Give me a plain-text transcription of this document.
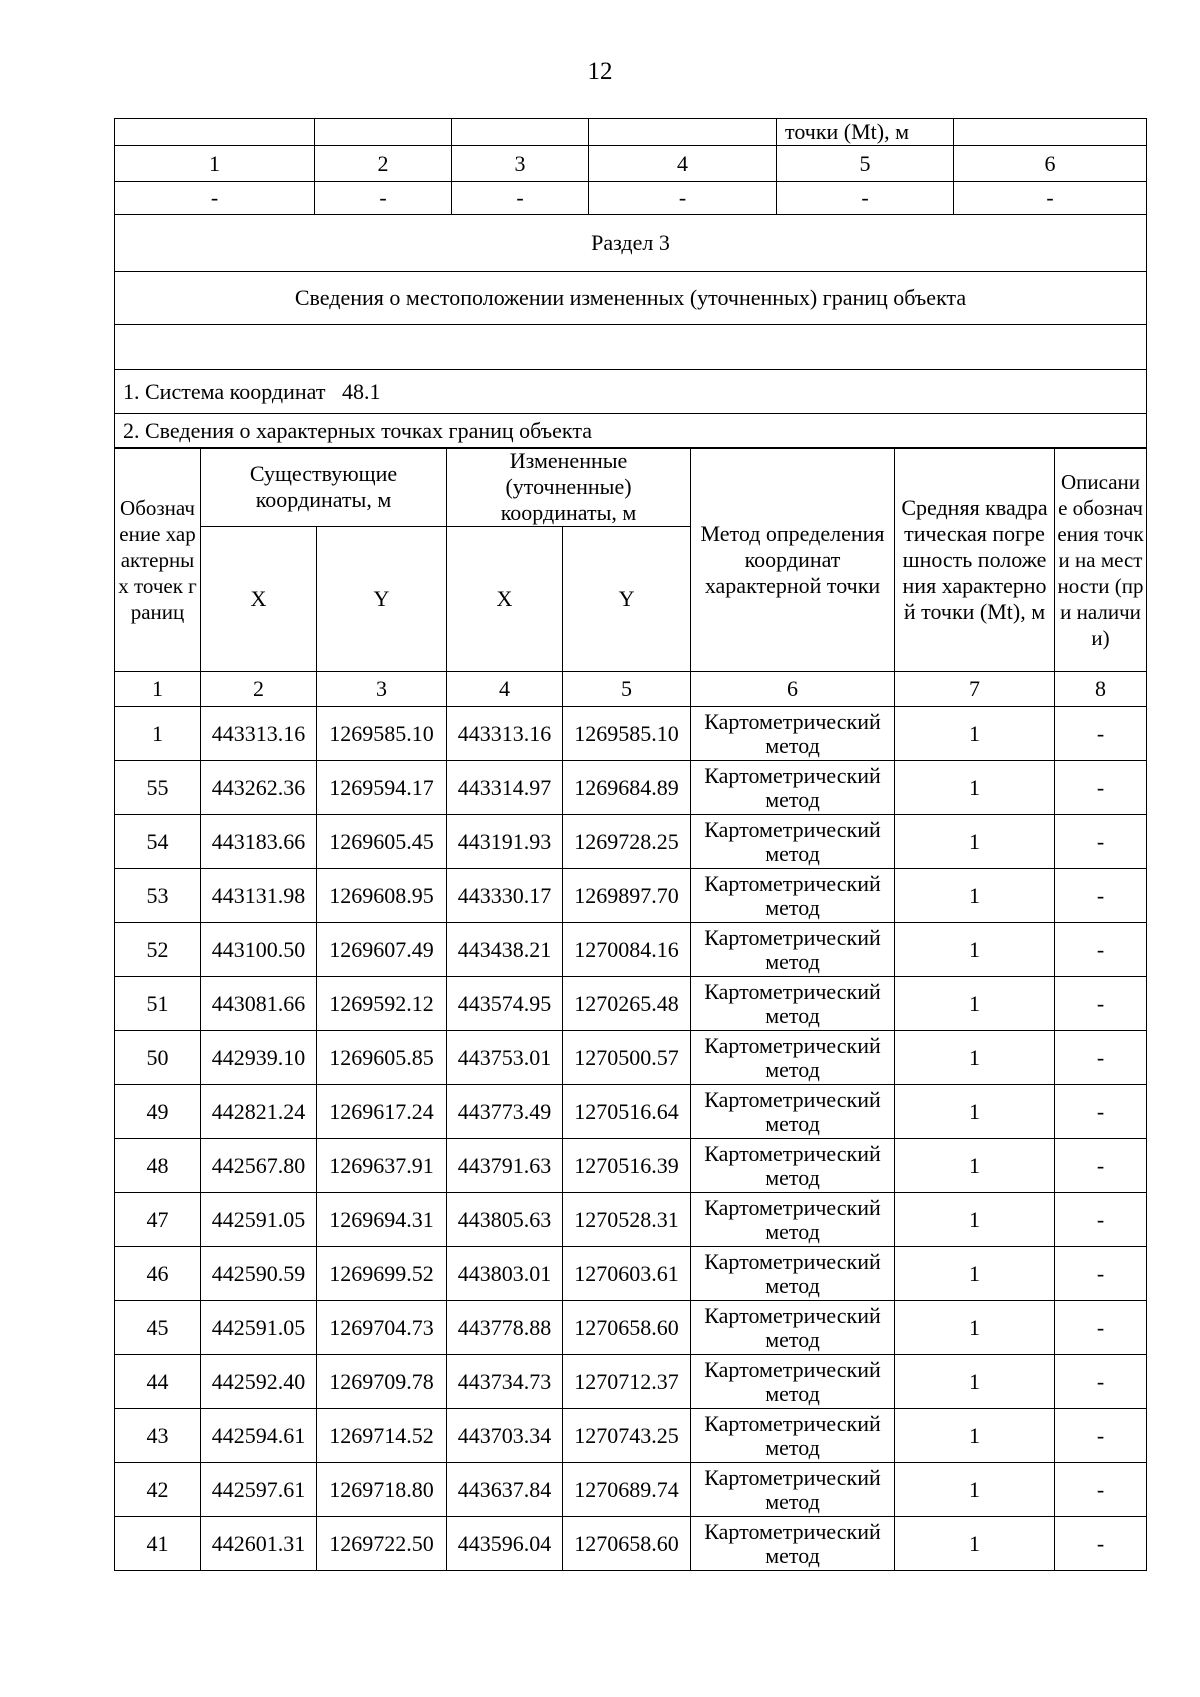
12
				точки (Mt), м	
1	2	3	4	5	6
-	-	-	-	-	-
Раздел 3					
Сведения о местоположении измененных (уточненных) границ объекта					

1. Система координат   48.1					
2. Сведения о характерных точках границ объекта					
Обозначение характерных точек границ	Существующие координаты, м		Измененные (уточненные) координаты, м		Метод определения координат характерной точки	Средняя квадратическая погрешность положения характерной точки (Mt), м	Описание обозначения точки на местности (при наличии)

	X	Y	X	Y			
1	2	3	4	5	6	7	8
1	443313.16	1269585.10	443313.16	1269585.10	Картометрический метод	1	-
55	443262.36	1269594.17	443314.97	1269684.89	Картометрический метод	1	-
54	443183.66	1269605.45	443191.93	1269728.25	Картометрический метод	1	-
53	443131.98	1269608.95	443330.17	1269897.70	Картометрический метод	1	-
52	443100.50	1269607.49	443438.21	1270084.16	Картометрический метод	1	-
51	443081.66	1269592.12	443574.95	1270265.48	Картометрический метод	1	-
50	442939.10	1269605.85	443753.01	1270500.57	Картометрический метод	1	-
49	442821.24	1269617.24	443773.49	1270516.64	Картометрический метод	1	-
48	442567.80	1269637.91	443791.63	1270516.39	Картометрический метод	1	-
47	442591.05	1269694.31	443805.63	1270528.31	Картометрический метод	1	-
46	442590.59	1269699.52	443803.01	1270603.61	Картометрический метод	1	-
45	442591.05	1269704.73	443778.88	1270658.60	Картометрический метод	1	-
44	442592.40	1269709.78	443734.73	1270712.37	Картометрический метод	1	-
43	442594.61	1269714.52	443703.34	1270743.25	Картометрический метод	1	-
42	442597.61	1269718.80	443637.84	1270689.74	Картометрический метод	1	-
41	442601.31	1269722.50	443596.04	1270658.60	Картометрический метод	1	-
